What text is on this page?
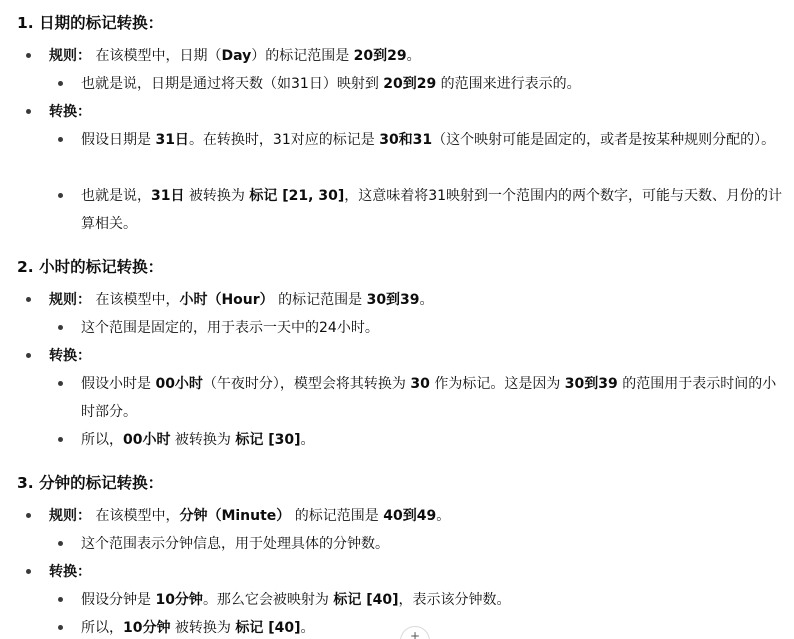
1. 日期的标记转换：
规则： 在该模型中，日期（Day）的标记范围是 20到29。
也就是说，日期是通过将天数（如31日）映射到 20到29 的范围来进行表示的。
转换：
假设日期是 31日。在转换时，31对应的标记是 30和31（这个映射可能是固定的，或者是按某种规则分配的）。
也就是说，31日 被转换为 标记 [21, 30]，这意味着将31映射到一个范围内的两个数字，可能与天数、月份的计算相关。
2. 小时的标记转换：
规则： 在该模型中，小时（Hour） 的标记范围是 30到39。
这个范围是固定的，用于表示一天中的24小时。
转换：
假设小时是 00小时（午夜时分），模型会将其转换为 30 作为标记。这是因为 30到39 的范围用于表示时间的小时部分。
所以，00小时 被转换为 标记 [30]。
3. 分钟的标记转换：
规则： 在该模型中，分钟（Minute） 的标记范围是 40到49。
这个范围表示分钟信息，用于处理具体的分钟数。
转换：
假设分钟是 10分钟。那么它会被映射为 标记 [40]，表示该分钟数。
所以，10分钟 被转换为 标记 [40]。	+
